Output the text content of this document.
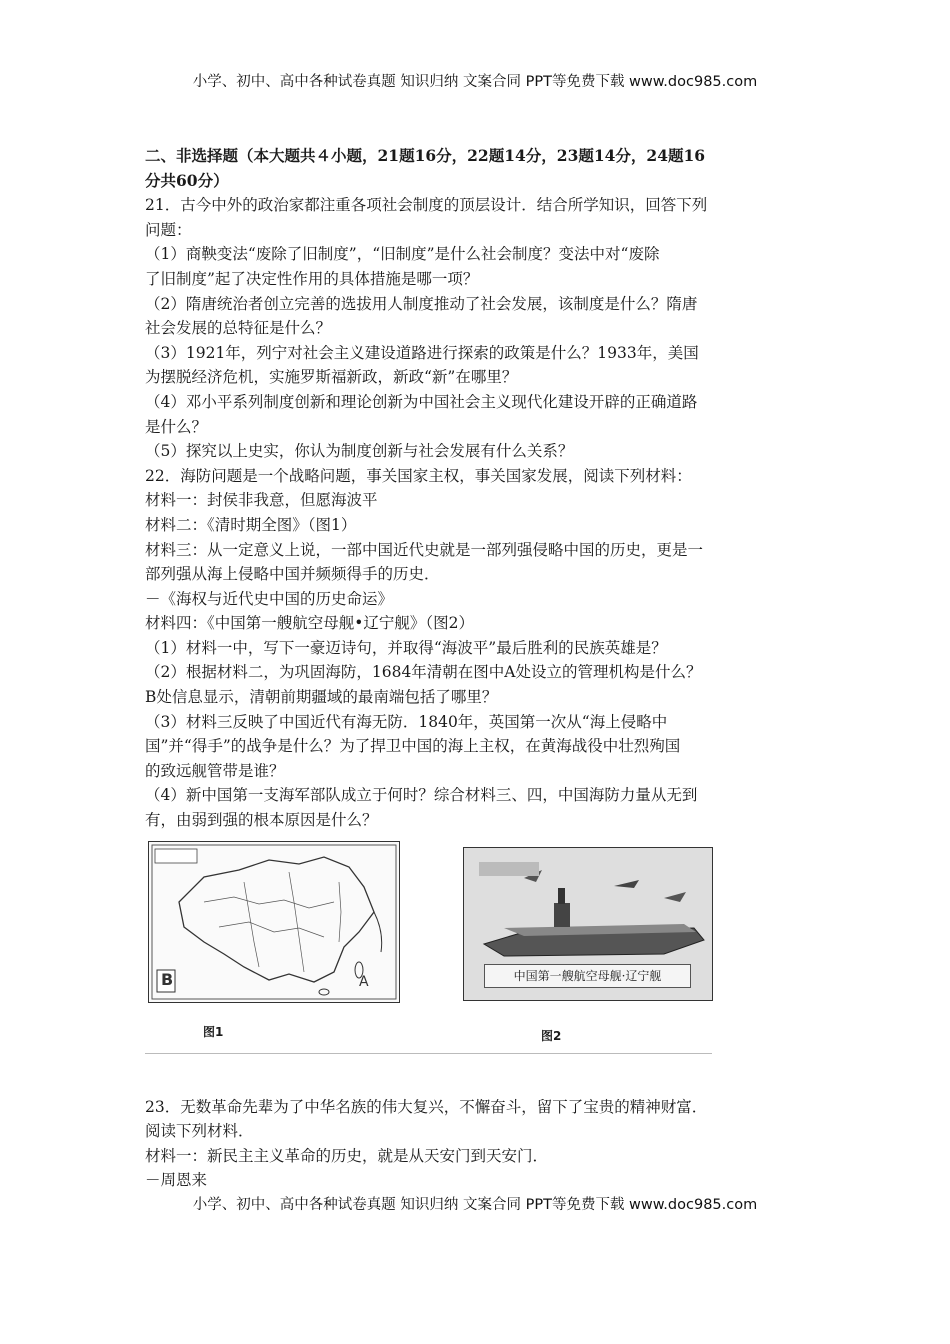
小学、初中、高中各种试卷真题 知识归纳 文案合同 PPT等免费下载 www.doc985.com
二、非选择题（本大题共４小题，21题16分，22题14分，23题14分，24题16
分共60分）
21．古今中外的政治家都注重各项社会制度的顶层设计．结合所学知识，回答下列
问题：
（1）商鞅变法“废除了旧制度”，“旧制度”是什么社会制度？变法中对“废除
了旧制度”起了决定性作用的具体措施是哪一项？
（2）隋唐统治者创立完善的选拔用人制度推动了社会发展，该制度是什么？隋唐
社会发展的总特征是什么？
（3）1921年，列宁对社会主义建设道路进行探索的政策是什么？1933年，美国
为摆脱经济危机，实施罗斯福新政，新政“新”在哪里？
（4）邓小平系列制度创新和理论创新为中国社会主义现代化建设开辟的正确道路
是什么？
（5）探究以上史实，你认为制度创新与社会发展有什么关系？
22．海防问题是一个战略问题，事关国家主权，事关国家发展，阅读下列材料：
材料一：封侯非我意，但愿海波平
材料二：《清时期全图》（图1）
材料三：从一定意义上说，一部中国近代史就是一部列强侵略中国的历史，更是一
部列强从海上侵略中国并频频得手的历史．
－《海权与近代史中国的历史命运》
材料四：《中国第一艘航空母舰•辽宁舰》（图2）
（1）材料一中，写下一豪迈诗句，并取得“海波平”最后胜利的民族英雄是？
（2）根据材料二，为巩固海防，1684年清朝在图中A处设立的管理机构是什么？
B处信息显示，清朝前期疆域的最南端包括了哪里？
（3）材料三反映了中国近代有海无防．1840年，英国第一次从“海上侵略中
国”并“得手”的战争是什么？为了捍卫中国的海上主权，在黄海战役中壮烈殉国
的致远舰管带是谁？
（4）新中国第一支海军部队成立于何时？综合材料三、四，中国海防力量从无到
有，由弱到强的根本原因是什么？
B	A	中国第一艘航空母舰·辽宁舰
图1	图2
23．无数革命先辈为了中华名族的伟大复兴，不懈奋斗，留下了宝贵的精神财富．
阅读下列材料．
材料一：新民主主义革命的历史，就是从天安门到天安门．
－周恩来
小学、初中、高中各种试卷真题 知识归纳 文案合同 PPT等免费下载 www.doc985.com
